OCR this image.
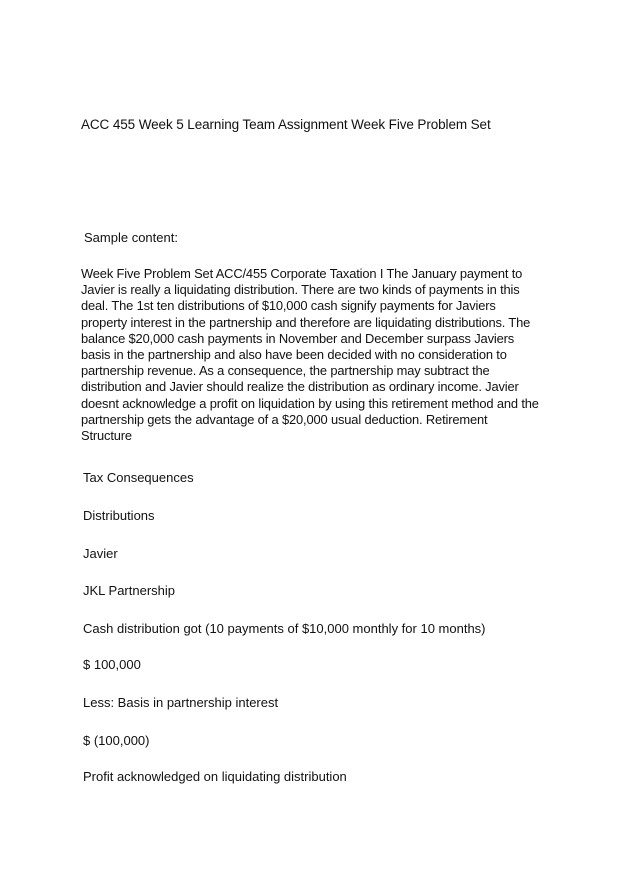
ACC 455 Week 5 Learning Team Assignment Week Five Problem Set
Sample content:
Week Five Problem Set ACC/455 Corporate Taxation I The January payment to
Javier is really a liquidating distribution. There are two kinds of payments in this
deal. The 1st ten distributions of $10,000 cash signify payments for Javiers
property interest in the partnership and therefore are liquidating distributions. The
balance $20,000 cash payments in November and December surpass Javiers
basis in the partnership and also have been decided with no consideration to
partnership revenue. As a consequence, the partnership may subtract the
distribution and Javier should realize the distribution as ordinary income. Javier
doesnt acknowledge a profit on liquidation by using this retirement method and the
partnership gets the advantage of a $20,000 usual deduction. Retirement
Structure
Tax Consequences
Distributions
Javier
JKL Partnership
Cash distribution got (10 payments of $10,000 monthly for 10 months)
$ 100,000
Less: Basis in partnership interest
$ (100,000)
Profit acknowledged on liquidating distribution
